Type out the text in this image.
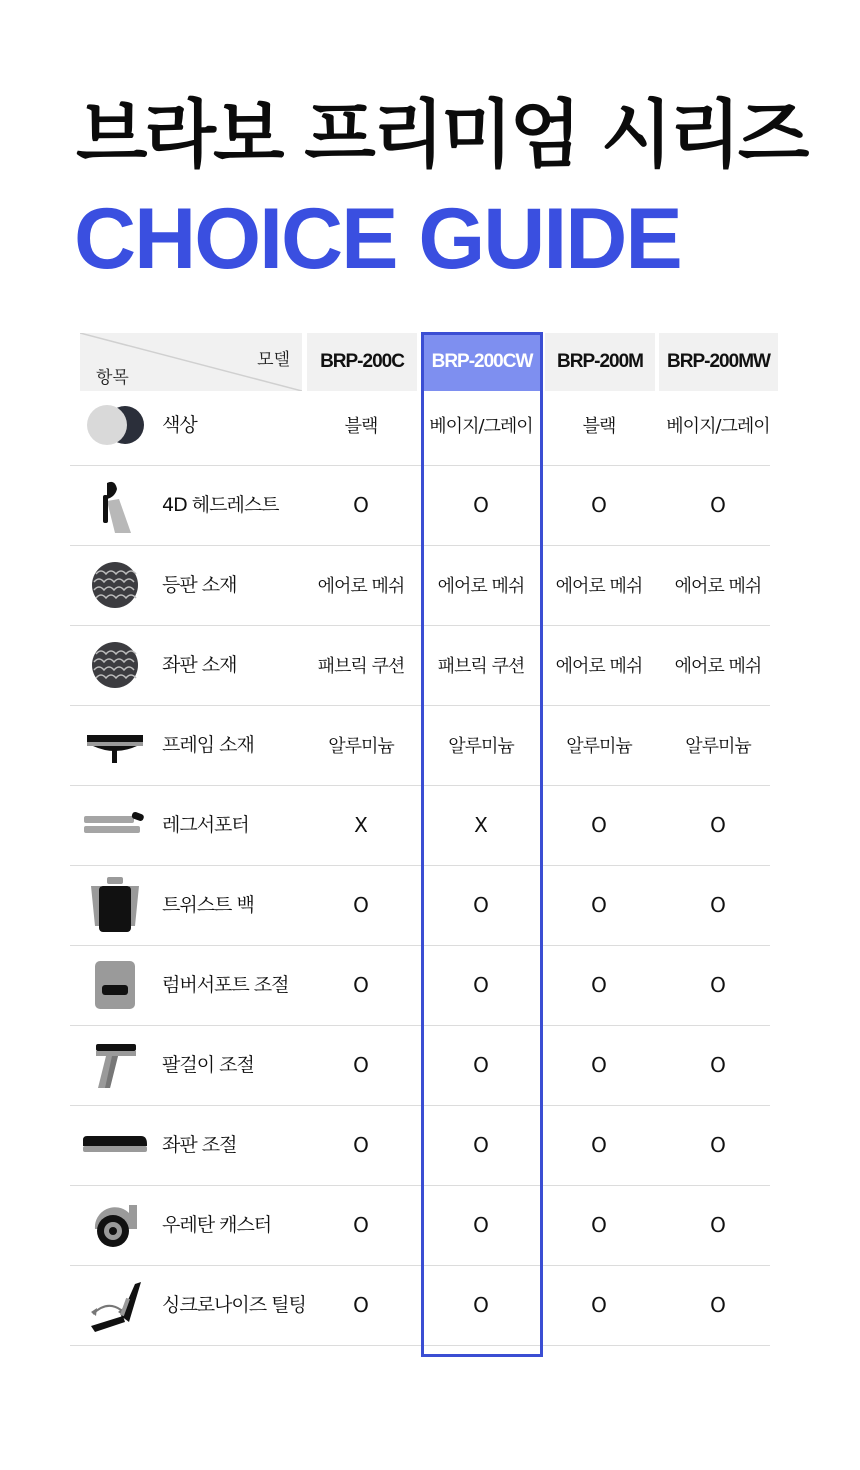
브라보 프리미엄 시리즈
CHOICE GUIDE
모델
항목
BRP-200C	BRP-200CW	BRP-200M	BRP-200MW
색상	블랙	베이지/그레이	블랙	베이지/그레이
4D 헤드레스트	O	O	O	O
등판 소재	에어로 메쉬	에어로 메쉬	에어로 메쉬	에어로 메쉬
좌판 소재	패브릭 쿠션	패브릭 쿠션	에어로 메쉬	에어로 메쉬
프레임 소재	알루미늄	알루미늄	알루미늄	알루미늄
레그서포터	X	X	O	O
트위스트 백	O	O	O	O
럼버서포트 조절	O	O	O	O
팔걸이 조절	O	O	O	O
좌판 조절	O	O	O	O
우레탄 캐스터	O	O	O	O
싱크로나이즈 틸팅	O	O	O	O
